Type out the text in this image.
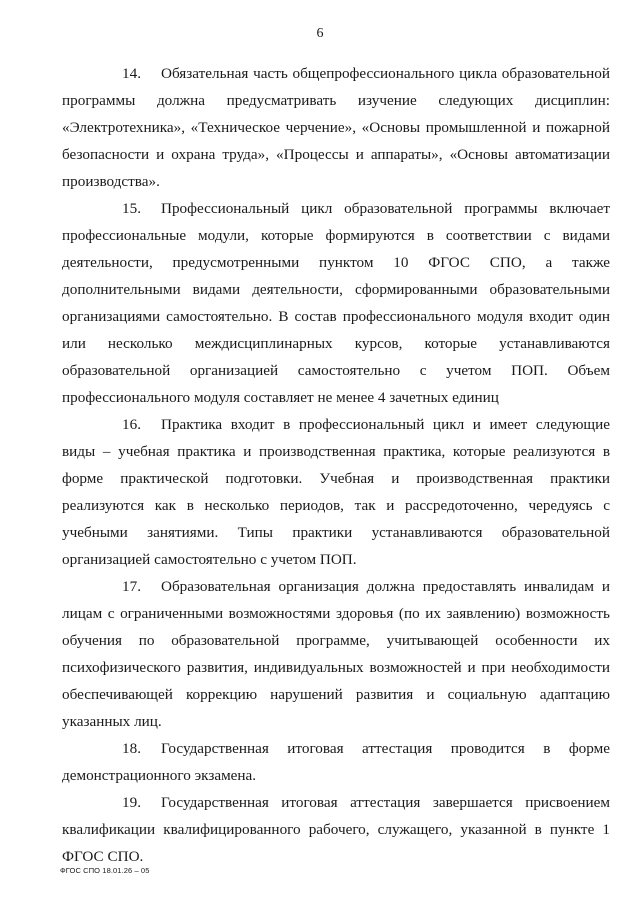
6

14. Обязательная часть общепрофессионального цикла образовательной программы должна предусматривать изучение следующих дисциплин: «Электротехника», «Техническое черчение», «Основы промышленной и пожарной безопасности и охрана труда», «Процессы и аппараты», «Основы автоматизации производства».

15. Профессиональный цикл образовательной программы включает профессиональные модули, которые формируются в соответствии с видами деятельности, предусмотренными пунктом 10 ФГОС СПО, а также дополнительными видами деятельности, сформированными образовательными организациями самостоятельно. В состав профессионального модуля входит один или несколько междисциплинарных курсов, которые устанавливаются образовательной организацией самостоятельно с учетом ПОП. Объем профессионального модуля составляет не менее 4 зачетных единиц

16. Практика входит в профессиональный цикл и имеет следующие виды – учебная практика и производственная практика, которые реализуются в форме практической подготовки. Учебная и производственная практики реализуются как в несколько периодов, так и рассредоточенно, чередуясь с учебными занятиями. Типы практики устанавливаются образовательной организацией самостоятельно с учетом ПОП.

17. Образовательная организация должна предоставлять инвалидам и лицам с ограниченными возможностями здоровья (по их заявлению) возможность обучения по образовательной программе, учитывающей особенности их психофизического развития, индивидуальных возможностей и при необходимости обеспечивающей коррекцию нарушений развития и социальную адаптацию указанных лиц.

18. Государственная итоговая аттестация проводится в форме демонстрационного экзамена.

19. Государственная итоговая аттестация завершается присвоением квалификации квалифицированного рабочего, служащего, указанной в пункте 1 ФГОС СПО.

ФГОС СПО 18.01.26 – 05
